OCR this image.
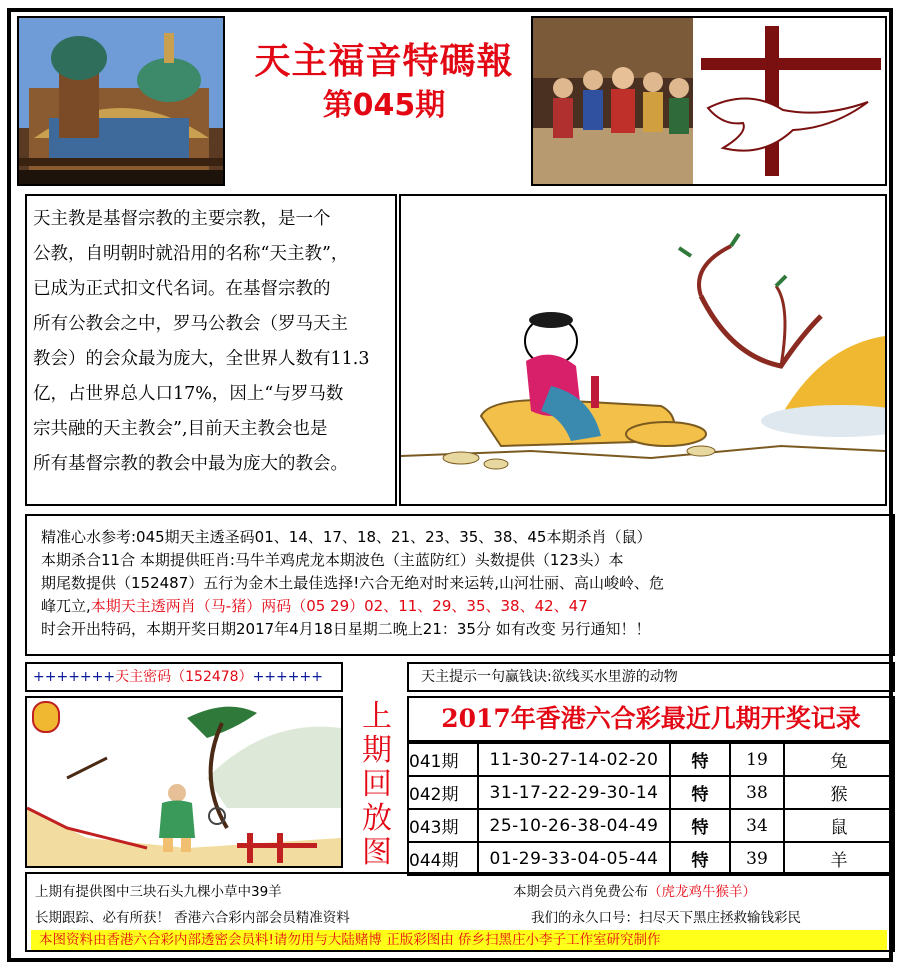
天主福音特碼報
第045期
天主教是基督宗教的主要宗教，是一个
公教，自明朝时就沿用的名称“天主教”，
已成为正式扣文代名词。在基督宗教的
所有公教会之中，罗马公教会（罗马天主
教会）的会众最为庞大，全世界人数有11.3
亿，占世界总人口17%，因上“与罗马数
宗共融的天主教会”,目前天主教会也是
所有基督宗教的教会中最为庞大的教会。
精准心水参考:045期天主透圣码01、14、17、18、21、23、35、38、45本期杀肖（鼠）
本期杀合11合 本期提供旺肖:马牛羊鸡虎龙本期波色（主蓝防红）头数提供（123头）本
期尾数提供（152487）五行为金木土最佳选择!六合无绝对时来运转,山河壮丽、高山峻岭、危
峰兀立,本期天主透两肖（马-猪）两码（05 29）02、11、29、35、38、42、47
时会开出特码，本期开奖日期2017年4月18日星期二晚上21：35分 如有改变 另行通知！！
+++++++天主密码（152478）++++++	天主提示一句赢钱诀:欲线买水里游的动物
上
期
回
放
图
2017年香港六合彩最近几期开奖记录
041期	11-30-27-14-02-20	特	19	兔
042期	31-17-22-29-30-14	特	38	猴
043期	25-10-26-38-04-49	特	34	鼠
044期	01-29-33-04-05-44	特	39	羊
上期有提供图中三块石头九棵小草中39羊	本期会员六肖免费公布（虎龙鸡牛猴羊）
长期跟踪、必有所获！ 香港六合彩内部会员精准资料	我们的永久口号：扫尽天下黑庄拯救输钱彩民
本图资料由香港六合彩内部透密会员料!请勿用与大陆赌博 正版彩图由 侨乡扫黑庄小李子工作室研究制作
